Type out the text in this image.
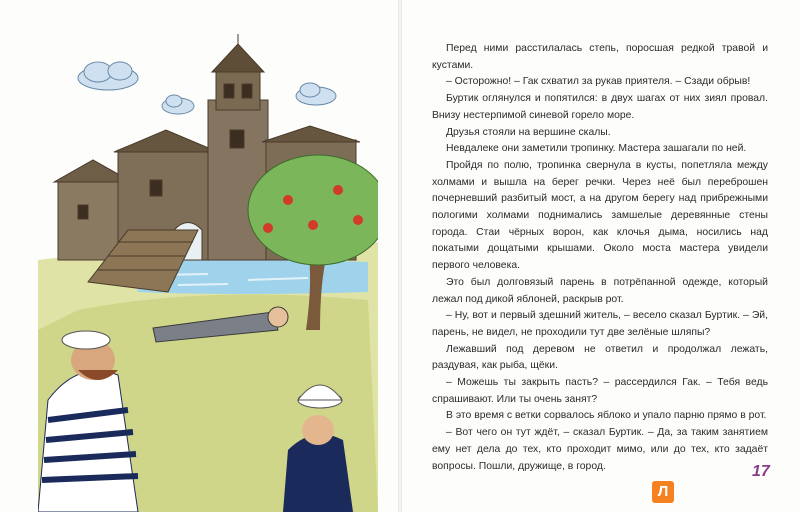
Перед ними расстилалась степь, поросшая редкой травой и кустами.

– Осторожно! – Гак схватил за рукав приятеля. – Сзади обрыв!

Буртик оглянулся и попятился: в двух шагах от них зиял провал. Внизу нестерпимой синевой горело море.

Друзья стояли на вершине скалы.

Невдалеке они заметили тропинку. Мастера зашагали по ней.

Пройдя по полю, тропинка свернула в кусты, попетляла между холмами и вышла на берег речки. Через неё был переброшен почерневший разбитый мост, а на другом берегу над прибрежными пологими холмами поднимались замшелые деревянные стены города. Стаи чёрных ворон, как клочья дыма, носились над покатыми дощатыми крышами. Около моста мастера увидели первого человека.

Это был долговязый парень в потрёпанной одежде, который лежал под дикой яблоней, раскрыв рот.

– Ну, вот и первый здешний житель, – весело сказал Буртик. – Эй, парень, не видел, не проходили тут две зелёные шляпы?

Лежавший под деревом не ответил и продолжал лежать, раздувая, как рыба, щёки.

– Можешь ты закрыть пасть? – рассердился Гак. – Тебя ведь спрашивают. Или ты очень занят?

В это время с ветки сорвалось яблоко и упало парню прямо в рот.

– Вот чего он тут ждёт, – сказал Буртик. – Да, за таким занятием ему нет дела до тех, кто проходит мимо, или до тех, кто задаёт вопросы. Пошли, дружище, в город.	17
Л
